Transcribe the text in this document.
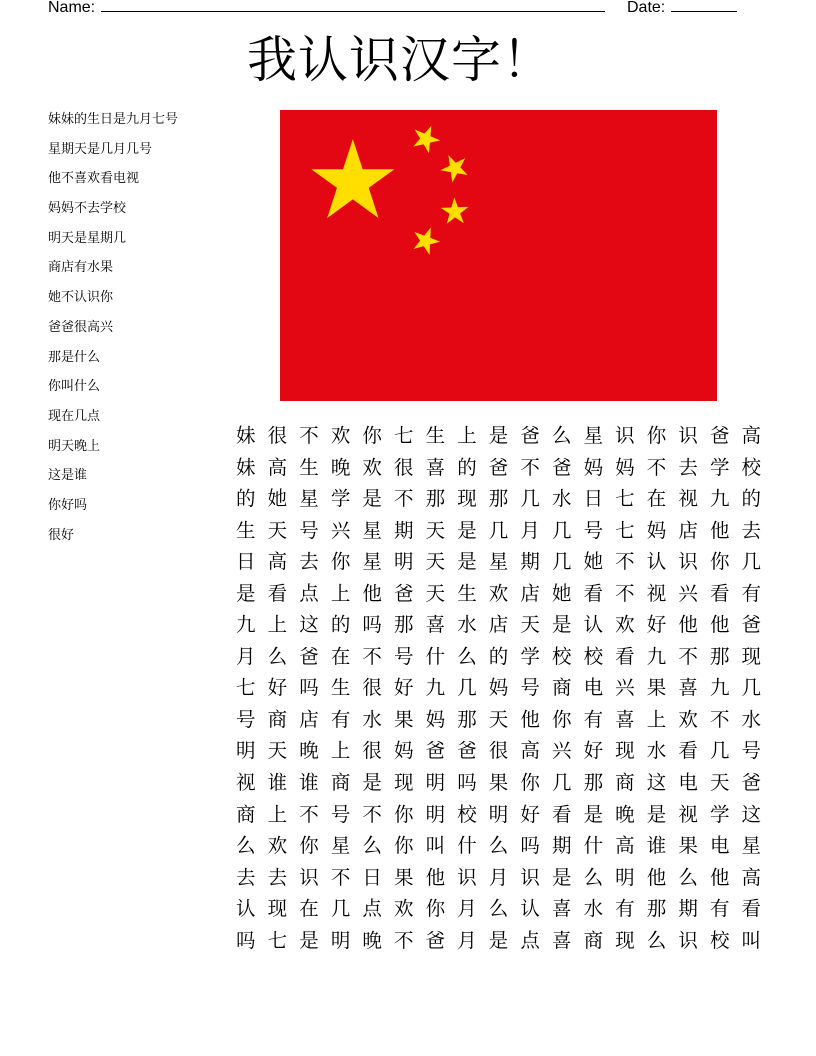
Name:	Date:
我认识汉字！
妹妹的生日是九月七号
星期天是几月几号
他不喜欢看电视
妈妈不去学校
明天是星期几
商店有水果
她不认识你
爸爸很高兴
那是什么
你叫什么
现在几点
明天晚上
这是谁
你好吗
很好
妹 很 不 欢 你 七 生 上 是 爸 么 星 识 你 识 爸 高
妹 高 生 晚 欢 很 喜 的 爸 不 爸 妈 妈 不 去 学 校
的 她 星 学 是 不 那 现 那 几 水 日 七 在 视 九 的
生 天 号 兴 星 期 天 是 几 月 几 号 七 妈 店 他 去
日 高 去 你 星 明 天 是 星 期 几 她 不 认 识 你 几
是 看 点 上 他 爸 天 生 欢 店 她 看 不 视 兴 看 有
九 上 这 的 吗 那 喜 水 店 天 是 认 欢 好 他 他 爸
月 么 爸 在 不 号 什 么 的 学 校 校 看 九 不 那 现
七 好 吗 生 很 好 九 几 妈 号 商 电 兴 果 喜 九 几
号 商 店 有 水 果 妈 那 天 他 你 有 喜 上 欢 不 水
明 天 晚 上 很 妈 爸 爸 很 高 兴 好 现 水 看 几 号
视 谁 谁 商 是 现 明 吗 果 你 几 那 商 这 电 天 爸
商 上 不 号 不 你 明 校 明 好 看 是 晚 是 视 学 这
么 欢 你 星 么 你 叫 什 么 吗 期 什 高 谁 果 电 星
去 去 识 不 日 果 他 识 月 识 是 么 明 他 么 他 高
认 现 在 几 点 欢 你 月 么 认 喜 水 有 那 期 有 看
吗 七 是 明 晚 不 爸 月 是 点 喜 商 现 么 识 校 叫
